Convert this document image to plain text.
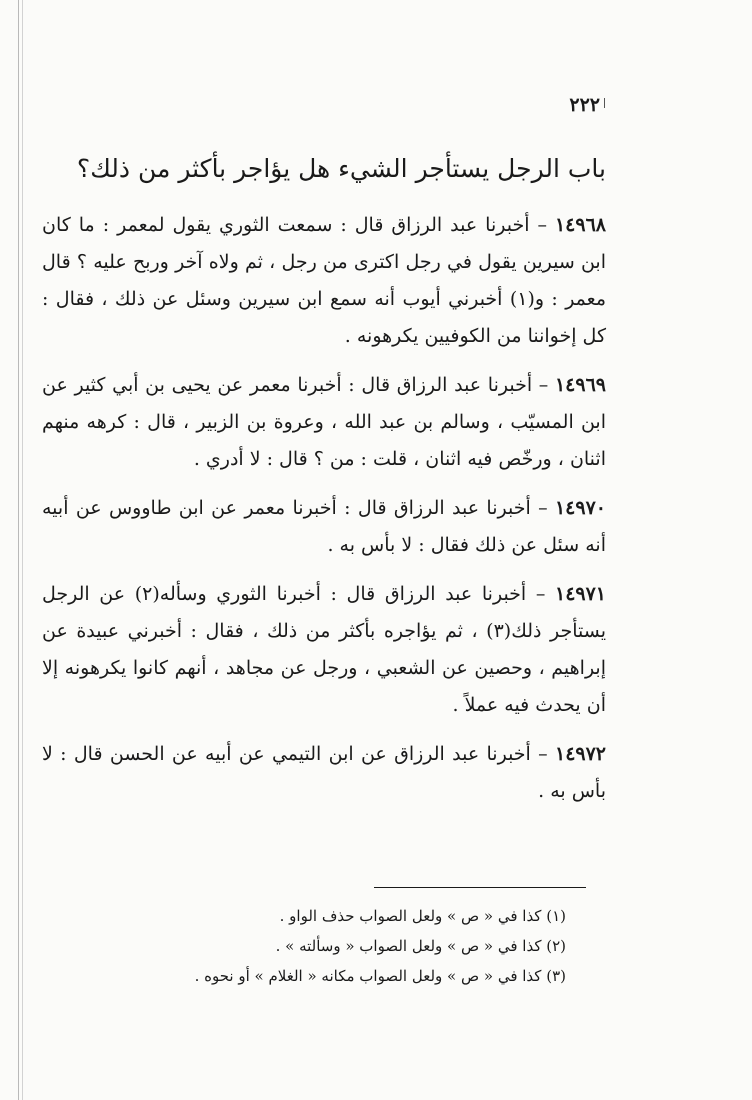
٢٢٢
باب الرجل يستأجر الشيء هل يؤاجر بأكثر من ذلك؟

١٤٩٦٨ – أخبرنا عبد الرزاق قال : سمعت الثوري يقول لمعمر : ما كان ابن سيرين يقول في رجل اكترى من رجل ، ثم ولاه آخر وربح عليه ؟ قال معمر : و(١) أخبرني أيوب أنه سمع ابن سيرين وسئل عن ذلك ، فقال : كل إخواننا من الكوفيين يكرهونه .

١٤٩٦٩ – أخبرنا عبد الرزاق قال : أخبرنا معمر عن يحيى بن أبي كثير عن ابن المسيّب ، وسالم بن عبد الله ، وعروة بن الزبير ، قال : كرهه منهم اثنان ، ورخّص فيه اثنان ، قلت : من ؟ قال : لا أدري .

١٤٩٧٠ – أخبرنا عبد الرزاق قال : أخبرنا معمر عن ابن طاووس عن أبيه أنه سئل عن ذلك فقال : لا بأس به .

١٤٩٧١ – أخبرنا عبد الرزاق قال : أخبرنا الثوري وسأله(٢) عن الرجل يستأجر ذلك(٣) ، ثم يؤاجره بأكثر من ذلك ، فقال : أخبرني عبيدة عن إبراهيم ، وحصين عن الشعبي ، ورجل عن مجاهد ، أنهم كانوا يكرهونه إلا أن يحدث فيه عملاً .

١٤٩٧٢ – أخبرنا عبد الرزاق عن ابن التيمي عن أبيه عن الحسن قال : لا بأس به .

(١) كذا في « ص » ولعل الصواب حذف الواو .

(٢) كذا في « ص » ولعل الصواب « وسألته » .

(٣) كذا في « ص » ولعل الصواب مكانه « الغلام » أو نحوه .
